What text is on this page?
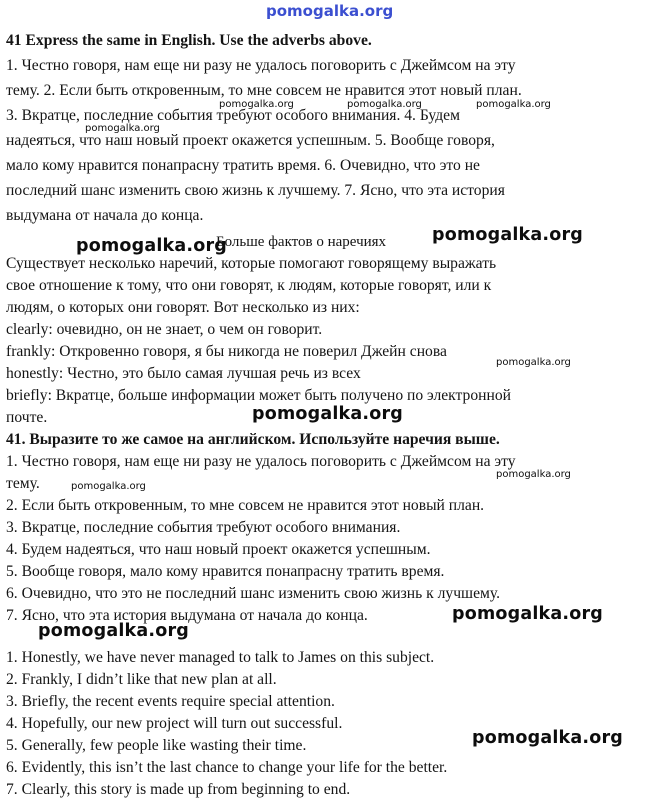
pomogalka.org
41 Express the same in English. Use the adverbs above.
1. Честно говоря, нам еще ни разу не удалось поговорить с Джеймсом на эту
тему. 2. Если быть откровенным, то мне совсем не нравится этот новый план.
3. Вкратце, последние события требуют особого внимания. 4. Будем
надеяться, что наш новый проект окажется успешным. 5. Вообще говоря,
мало кому нравится понапрасну тратить время. 6. Очевидно, что это не
последний шанс изменить свою жизнь к лучшему. 7. Ясно, что эта история
выдумана от начала до конца.
Больше фактов о наречиях
Существует несколько наречий, которые помогают говорящему выражать
свое отношение к тому, что они говорят, к людям, которые говорят, или к
людям, о которых они говорят. Вот несколько из них:
clearly: очевидно, он не знает, о чем он говорит.
frankly: Откровенно говоря, я бы никогда не поверил Джейн снова
honestly: Честно, это было самая лучшая речь из всех
briefly: Вкратце, больше информации может быть получено по электронной
почте.
41. Выразите то же самое на английском. Используйте наречия выше.
1. Честно говоря, нам еще ни разу не удалось поговорить с Джеймсом на эту
тему.
2. Если быть откровенным, то мне совсем не нравится этот новый план.
3. Вкратце, последние события требуют особого внимания.
4. Будем надеяться, что наш новый проект окажется успешным.
5. Вообще говоря, мало кому нравится понапрасну тратить время.
6. Очевидно, что это не последний шанс изменить свою жизнь к лучшему.
7. Ясно, что эта история выдумана от начала до конца.
1. Honestly, we have never managed to talk to James on this subject.
2. Frankly, I didn’t like that new plan at all.
3. Briefly, the recent events require special attention.
4. Hopefully, our new project will turn out successful.
5. Generally, few people like wasting their time.
6. Evidently, this isn’t the last chance to change your life for the better.
7. Clearly, this story is made up from beginning to end.
pomogalka.org	pomogalka.org	pomogalka.org
pomogalka.org
pomogalka.org
pomogalka.org
pomogalka.org
pomogalka.org
pomogalka.org
pomogalka.org
pomogalka.org
pomogalka.org
pomogalka.org
